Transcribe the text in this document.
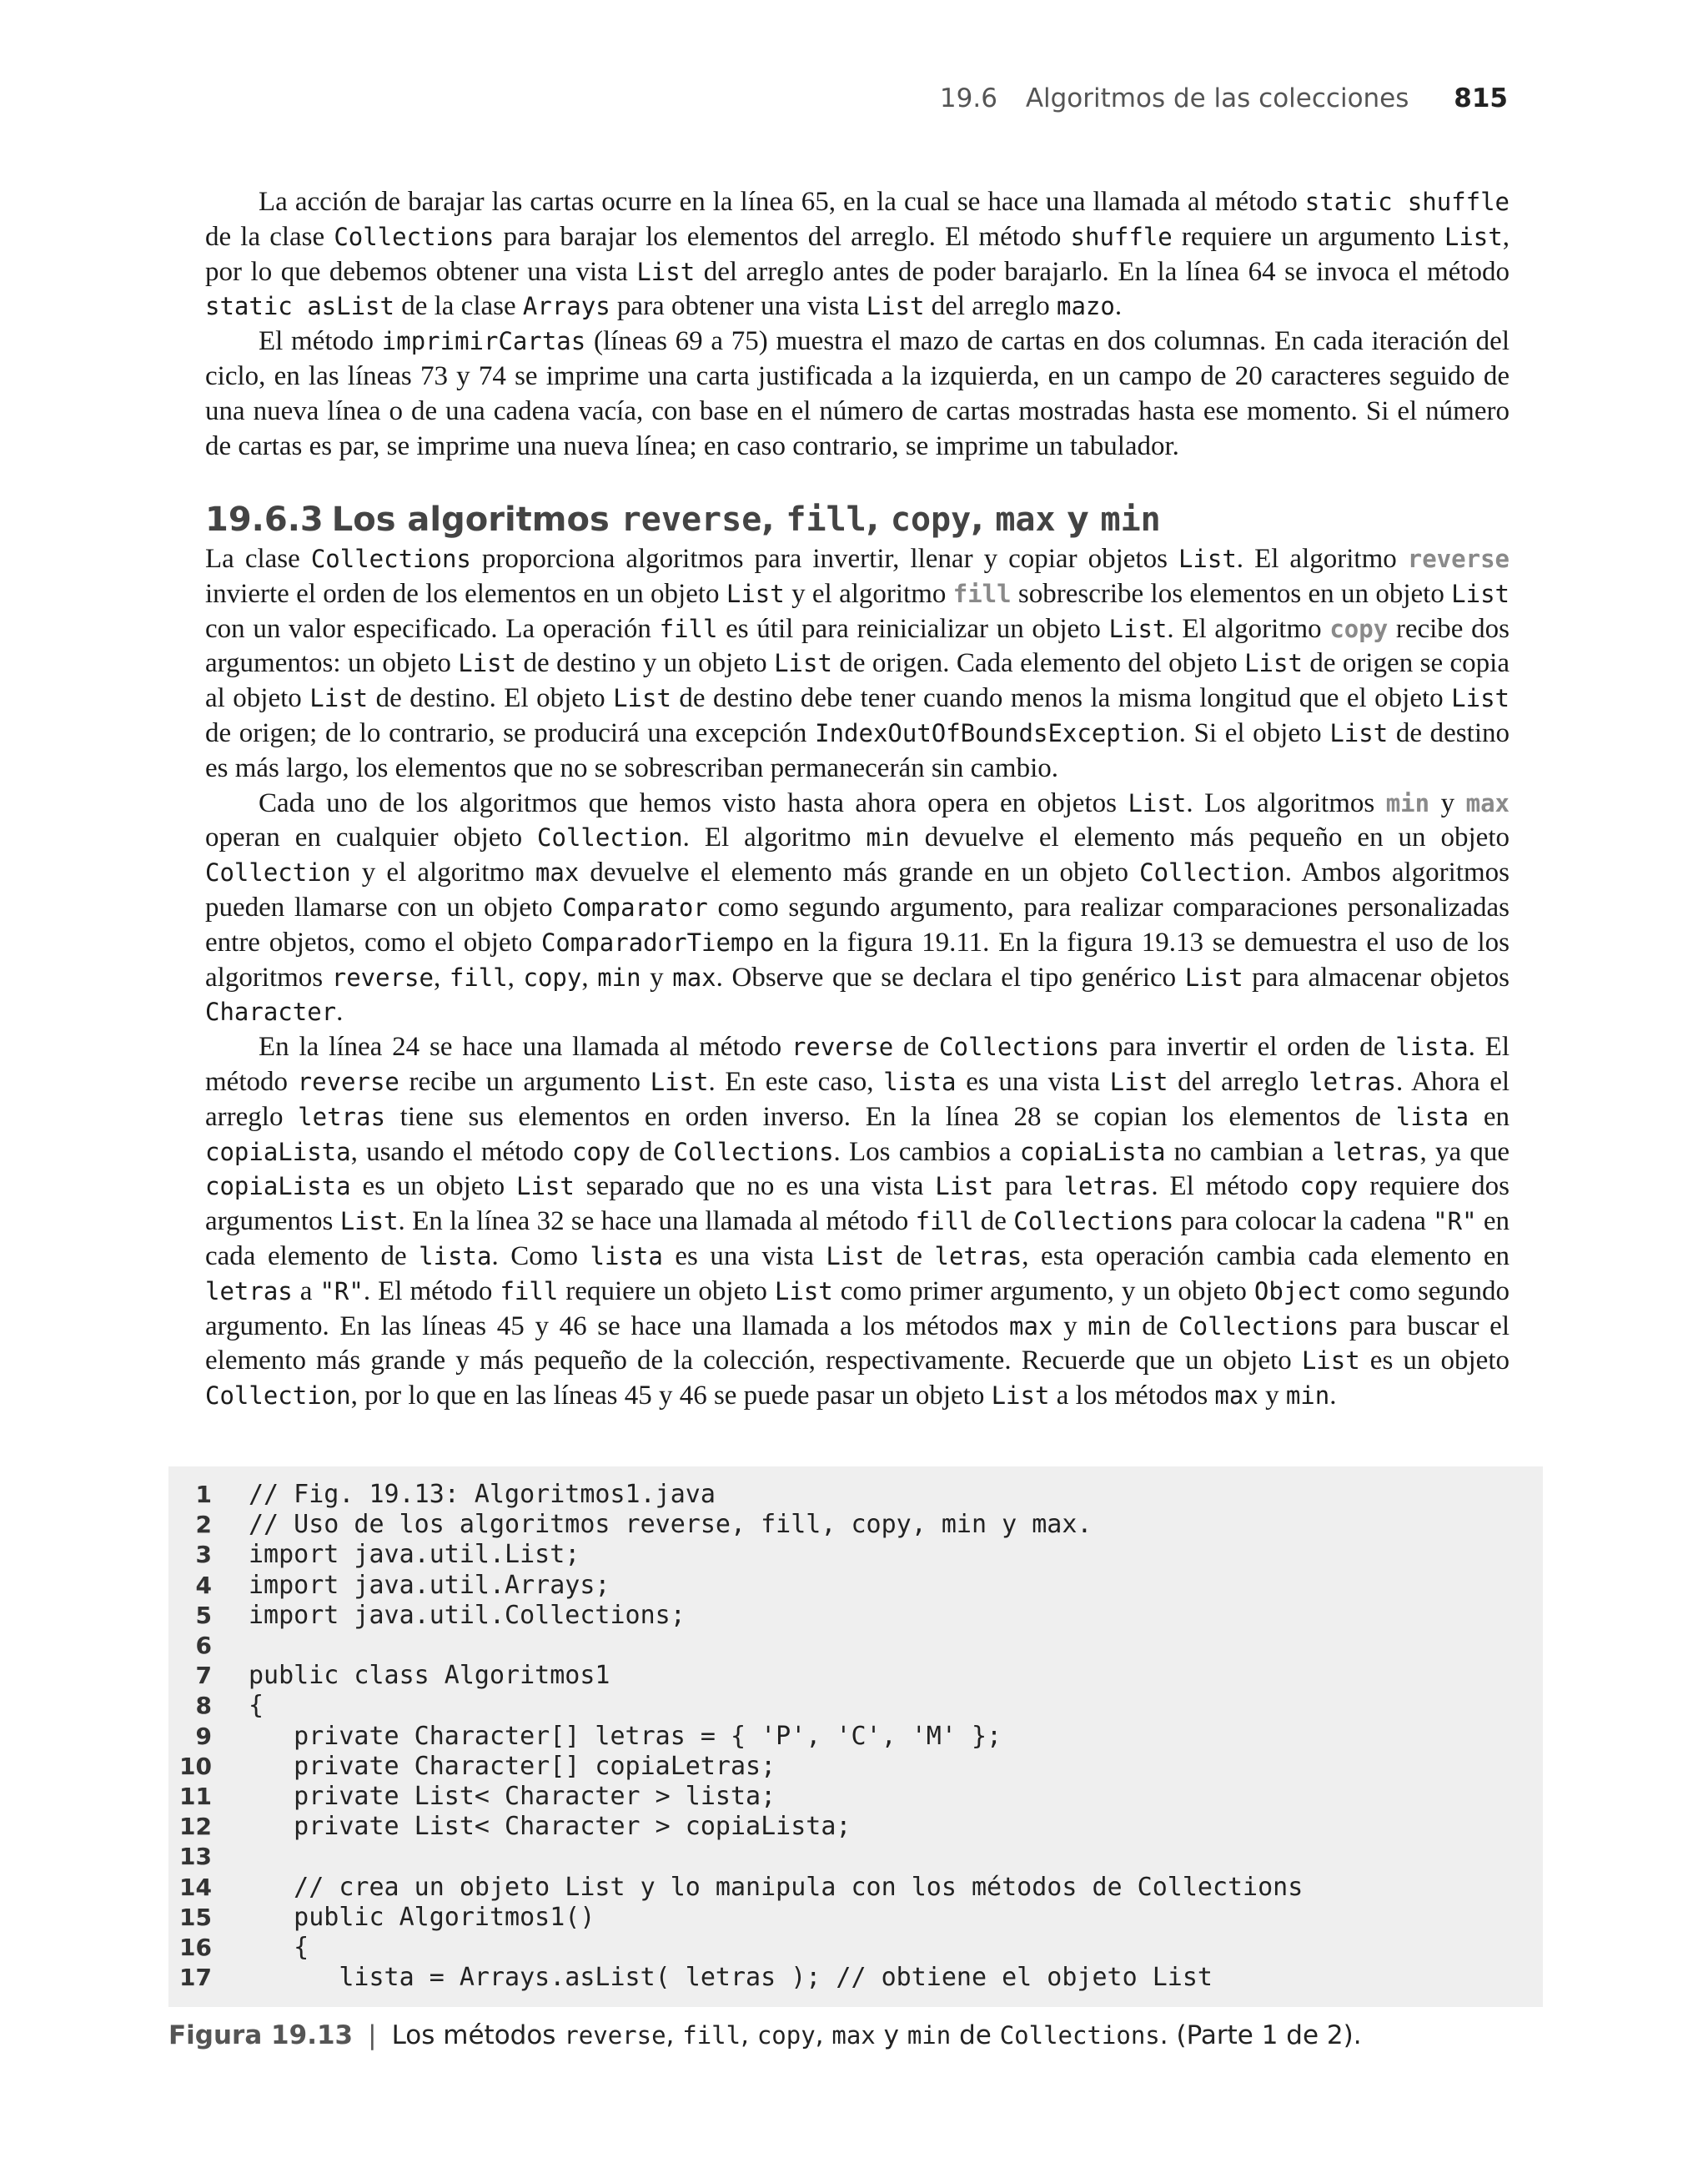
19.6 Algoritmos de las colecciones 815

La acción de barajar las cartas ocurre en la línea 65, en la cual se hace una llamada al método static shuffle de la clase Collections para barajar los elementos del arreglo. El método shuffle requiere un argumento List, por lo que debemos obtener una vista List del arreglo antes de poder barajarlo. En la línea 64 se invoca el método static asList de la clase Arrays para obtener una vista List del arreglo mazo.

El método imprimirCartas (líneas 69 a 75) muestra el mazo de cartas en dos columnas. En cada iteración del ciclo, en las líneas 73 y 74 se imprime una carta justificada a la izquierda, en un campo de 20 caracteres seguido de una nueva línea o de una cadena vacía, con base en el número de cartas mostradas hasta ese momento. Si el número de cartas es par, se imprime una nueva línea; en caso contrario, se imprime un tabulador.

19.6.3 Los algoritmos reverse, fill, copy, max y min

La clase Collections proporciona algoritmos para invertir, llenar y copiar objetos List. El algoritmo reverse invierte el orden de los elementos en un objeto List y el algoritmo fill sobrescribe los elementos en un objeto List con un valor especificado. La operación fill es útil para reinicializar un objeto List. El algoritmo copy recibe dos argumentos: un objeto List de destino y un objeto List de origen. Cada elemento del objeto List de origen se copia al objeto List de destino. El objeto List de destino debe tener cuando menos la misma longitud que el objeto List de origen; de lo contrario, se producirá una excepción IndexOutOfBoundsException. Si el objeto List de destino es más largo, los elementos que no se sobrescriban permanecerán sin cambio.

Cada uno de los algoritmos que hemos visto hasta ahora opera en objetos List. Los algoritmos min y max operan en cualquier objeto Collection. El algoritmo min devuelve el elemento más pequeño en un objeto Collection y el algoritmo max devuelve el elemento más grande en un objeto Collection. Ambos algoritmos pueden llamarse con un objeto Comparator como segundo argumento, para realizar comparaciones personalizadas entre objetos, como el objeto ComparadorTiempo en la figura 19.11. En la figura 19.13 se demuestra el uso de los algoritmos reverse, fill, copy, min y max. Observe que se declara el tipo genérico List para almacenar objetos Character.

En la línea 24 se hace una llamada al método reverse de Collections para invertir el orden de lista. El método reverse recibe un argumento List. En este caso, lista es una vista List del arreglo letras. Ahora el arreglo letras tiene sus elementos en orden inverso. En la línea 28 se copian los elementos de lista en copiaLista, usando el método copy de Collections. Los cambios a copiaLista no cambian a letras, ya que copiaLista es un objeto List separado que no es una vista List para letras. El método copy requiere dos argumentos List. En la línea 32 se hace una llamada al método fill de Collections para colocar la cadena "R" en cada elemento de lista. Como lista es una vista List de letras, esta operación cambia cada elemento en letras a "R". El método fill requiere un objeto List como primer argumento, y un objeto Object como segundo argumento. En las líneas 45 y 46 se hace una llamada a los métodos max y min de Collections para buscar el elemento más grande y más pequeño de la colección, respectivamente. Recuerde que un objeto List es un objeto Collection, por lo que en las líneas 45 y 46 se puede pasar un objeto List a los métodos max y min.

1 // Fig. 19.13: Algoritmos1.java
2 // Uso de los algoritmos reverse, fill, copy, min y max.
3 import java.util.List;
4 import java.util.Arrays;
5 import java.util.Collections;
6
7 public class Algoritmos1
8 {
9   private Character[] letras = { 'P', 'C', 'M' };
10   private Character[] copiaLetras;
11   private List< Character > lista;
12   private List< Character > copiaLista;
13
14   // crea un objeto List y lo manipula con los métodos de Collections
15   public Algoritmos1()
16   {
17      lista = Arrays.asList( letras ); // obtiene el objeto List
Figura 19.13 | Los métodos reverse, fill, copy, max y min de Collections. (Parte 1 de 2).
